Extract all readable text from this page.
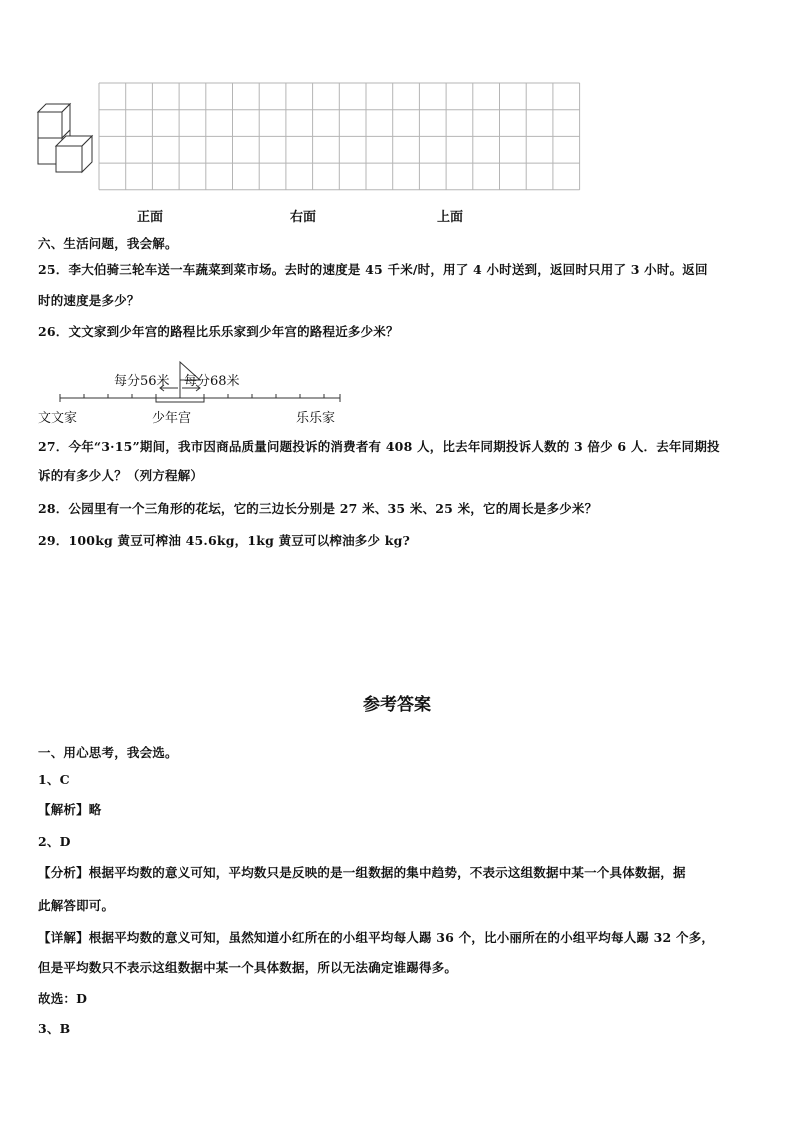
正面	右面	上面
六、生活问题，我会解。
25．李大伯骑三轮车送一车蔬菜到菜市场。去时的速度是 45 千米/时，用了 4 小时送到，返回时只用了 3 小时。返回
时的速度是多少？
26．文文家到少年宫的路程比乐乐家到少年宫的路程近多少米？
每分56米 每分68米
文文家	少年宫	乐乐家
27．今年“3·15”期间，我市因商品质量问题投诉的消费者有 408 人，比去年同期投诉人数的 3 倍少 6 人．去年同期投
诉的有多少人？（列方程解）
28．公园里有一个三角形的花坛，它的三边长分别是 27 米、35 米、25 米，它的周长是多少米？
29．100kg 黄豆可榨油 45.6kg，1kg 黄豆可以榨油多少 kg?
参考答案
一、用心思考，我会选。
1、C
【解析】略
2、D
【分析】根据平均数的意义可知，平均数只是反映的是一组数据的集中趋势，不表示这组数据中某一个具体数据，据
此解答即可。
【详解】根据平均数的意义可知，虽然知道小红所在的小组平均每人踢 36 个，比小丽所在的小组平均每人踢 32 个多，
但是平均数只不表示这组数据中某一个具体数据，所以无法确定谁踢得多。
故选：D
3、B
